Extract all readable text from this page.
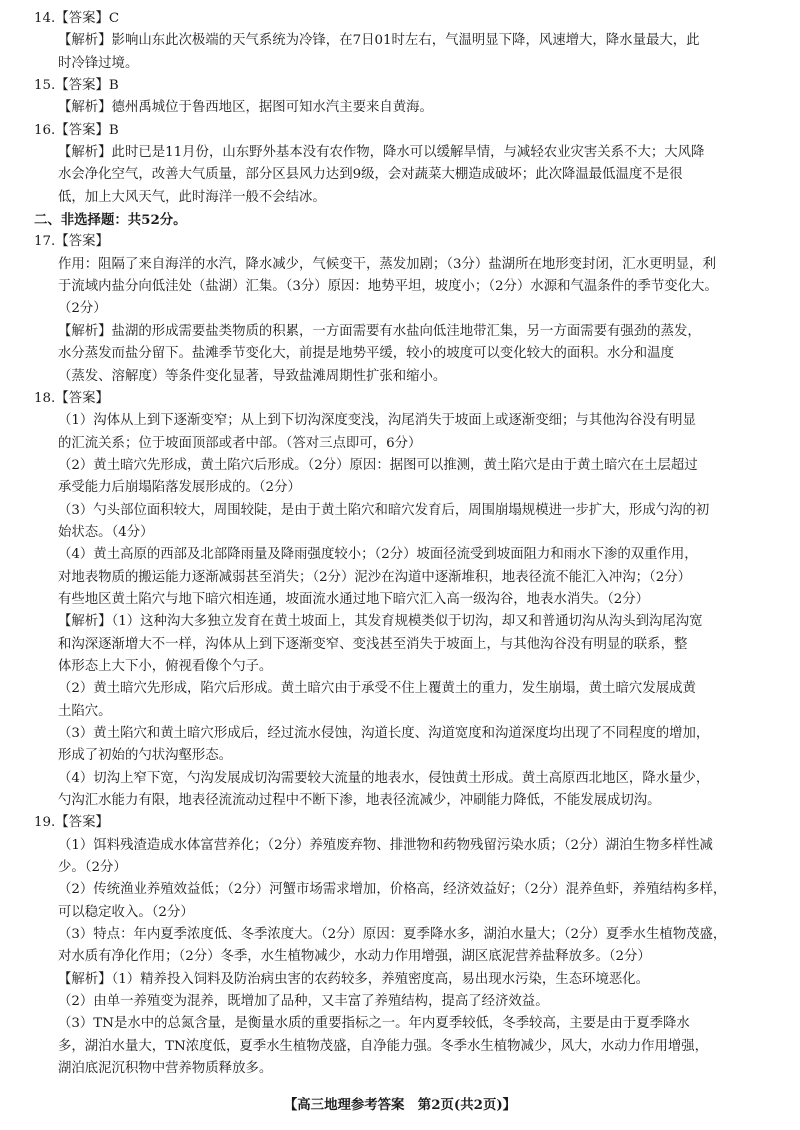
14.【答案】C
【解析】影响山东此次极端的天气系统为冷锋，在7日01时左右，气温明显下降，风速增大，降水量最大，此
时冷锋过境。
15.【答案】B
【解析】德州禹城位于鲁西地区，据图可知水汽主要来自黄海。
16.【答案】B
【解析】此时已是11月份，山东野外基本没有农作物，降水可以缓解旱情，与减轻农业灾害关系不大；大风降
水会净化空气，改善大气质量，部分区县风力达到9级，会对蔬菜大棚造成破坏；此次降温最低温度不是很
低，加上大风天气，此时海洋一般不会结冰。
二、非选择题：共52分。
17.【答案】
作用：阻隔了来自海洋的水汽，降水减少，气候变干，蒸发加剧；（3分）盐湖所在地形变封闭，汇水更明显，利
于流域内盐分向低洼处（盐湖）汇集。（3分）原因：地势平坦，坡度小；（2分）水源和气温条件的季节变化大。
（2分）
【解析】盐湖的形成需要盐类物质的积累，一方面需要有水盐向低洼地带汇集，另一方面需要有强劲的蒸发，
水分蒸发而盐分留下。盐滩季节变化大，前提是地势平缓，较小的坡度可以变化较大的面积。水分和温度
（蒸发、溶解度）等条件变化显著，导致盐滩周期性扩张和缩小。
18.【答案】
（1）沟体从上到下逐渐变窄；从上到下切沟深度变浅，沟尾消失于坡面上或逐渐变细；与其他沟谷没有明显
的汇流关系；位于坡面顶部或者中部。（答对三点即可，6分）
（2）黄土暗穴先形成，黄土陷穴后形成。（2分）原因：据图可以推测，黄土陷穴是由于黄土暗穴在土层超过
承受能力后崩塌陷落发展形成的。（2分）
（3）勺头部位面积较大，周围较陡，是由于黄土陷穴和暗穴发育后，周围崩塌规模进一步扩大，形成勺沟的初
始状态。（4分）
（4）黄土高原的西部及北部降雨量及降雨强度较小；（2分）坡面径流受到坡面阻力和雨水下渗的双重作用，
对地表物质的搬运能力逐渐减弱甚至消失；（2分）泥沙在沟道中逐渐堆积，地表径流不能汇入冲沟；（2分）
有些地区黄土陷穴与地下暗穴相连通，坡面流水通过地下暗穴汇入高一级沟谷，地表水消失。（2分）
【解析】（1）这种沟大多独立发育在黄土坡面上，其发育规模类似于切沟，却又和普通切沟从沟头到沟尾沟宽
和沟深逐渐增大不一样，沟体从上到下逐渐变窄、变浅甚至消失于坡面上，与其他沟谷没有明显的联系，整
体形态上大下小，俯视看像个勺子。
（2）黄土暗穴先形成，陷穴后形成。黄土暗穴由于承受不住上覆黄土的重力，发生崩塌，黄土暗穴发展成黄
土陷穴。
（3）黄土陷穴和黄土暗穴形成后，经过流水侵蚀，沟道长度、沟道宽度和沟道深度均出现了不同程度的增加，
形成了初始的勺状沟壑形态。
（4）切沟上窄下宽，勺沟发展成切沟需要较大流量的地表水，侵蚀黄土形成。黄土高原西北地区，降水量少，
勺沟汇水能力有限，地表径流流动过程中不断下渗，地表径流减少，冲刷能力降低，不能发展成切沟。
19.【答案】
（1）饵料残渣造成水体富营养化；（2分）养殖废弃物、排泄物和药物残留污染水质；（2分）湖泊生物多样性减
少。（2分）
（2）传统渔业养殖效益低；（2分）河蟹市场需求增加，价格高，经济效益好；（2分）混养鱼虾，养殖结构多样，
可以稳定收入。（2分）
（3）特点：年内夏季浓度低、冬季浓度大。（2分）原因：夏季降水多，湖泊水量大；（2分）夏季水生植物茂盛，
对水质有净化作用；（2分）冬季，水生植物减少，水动力作用增强，湖区底泥营养盐释放多。（2分）
【解析】（1）精养投入饲料及防治病虫害的农药较多，养殖密度高，易出现水污染，生态环境恶化。
（2）由单一养殖变为混养，既增加了品种，又丰富了养殖结构，提高了经济效益。
（3）TN是水中的总氮含量，是衡量水质的重要指标之一。年内夏季较低，冬季较高，主要是由于夏季降水
多，湖泊水量大，TN浓度低，夏季水生植物茂盛，自净能力强。冬季水生植物减少，风大，水动力作用增强，
湖泊底泥沉积物中营养物质释放多。
【高三地理参考答案　第2页(共2页)】
